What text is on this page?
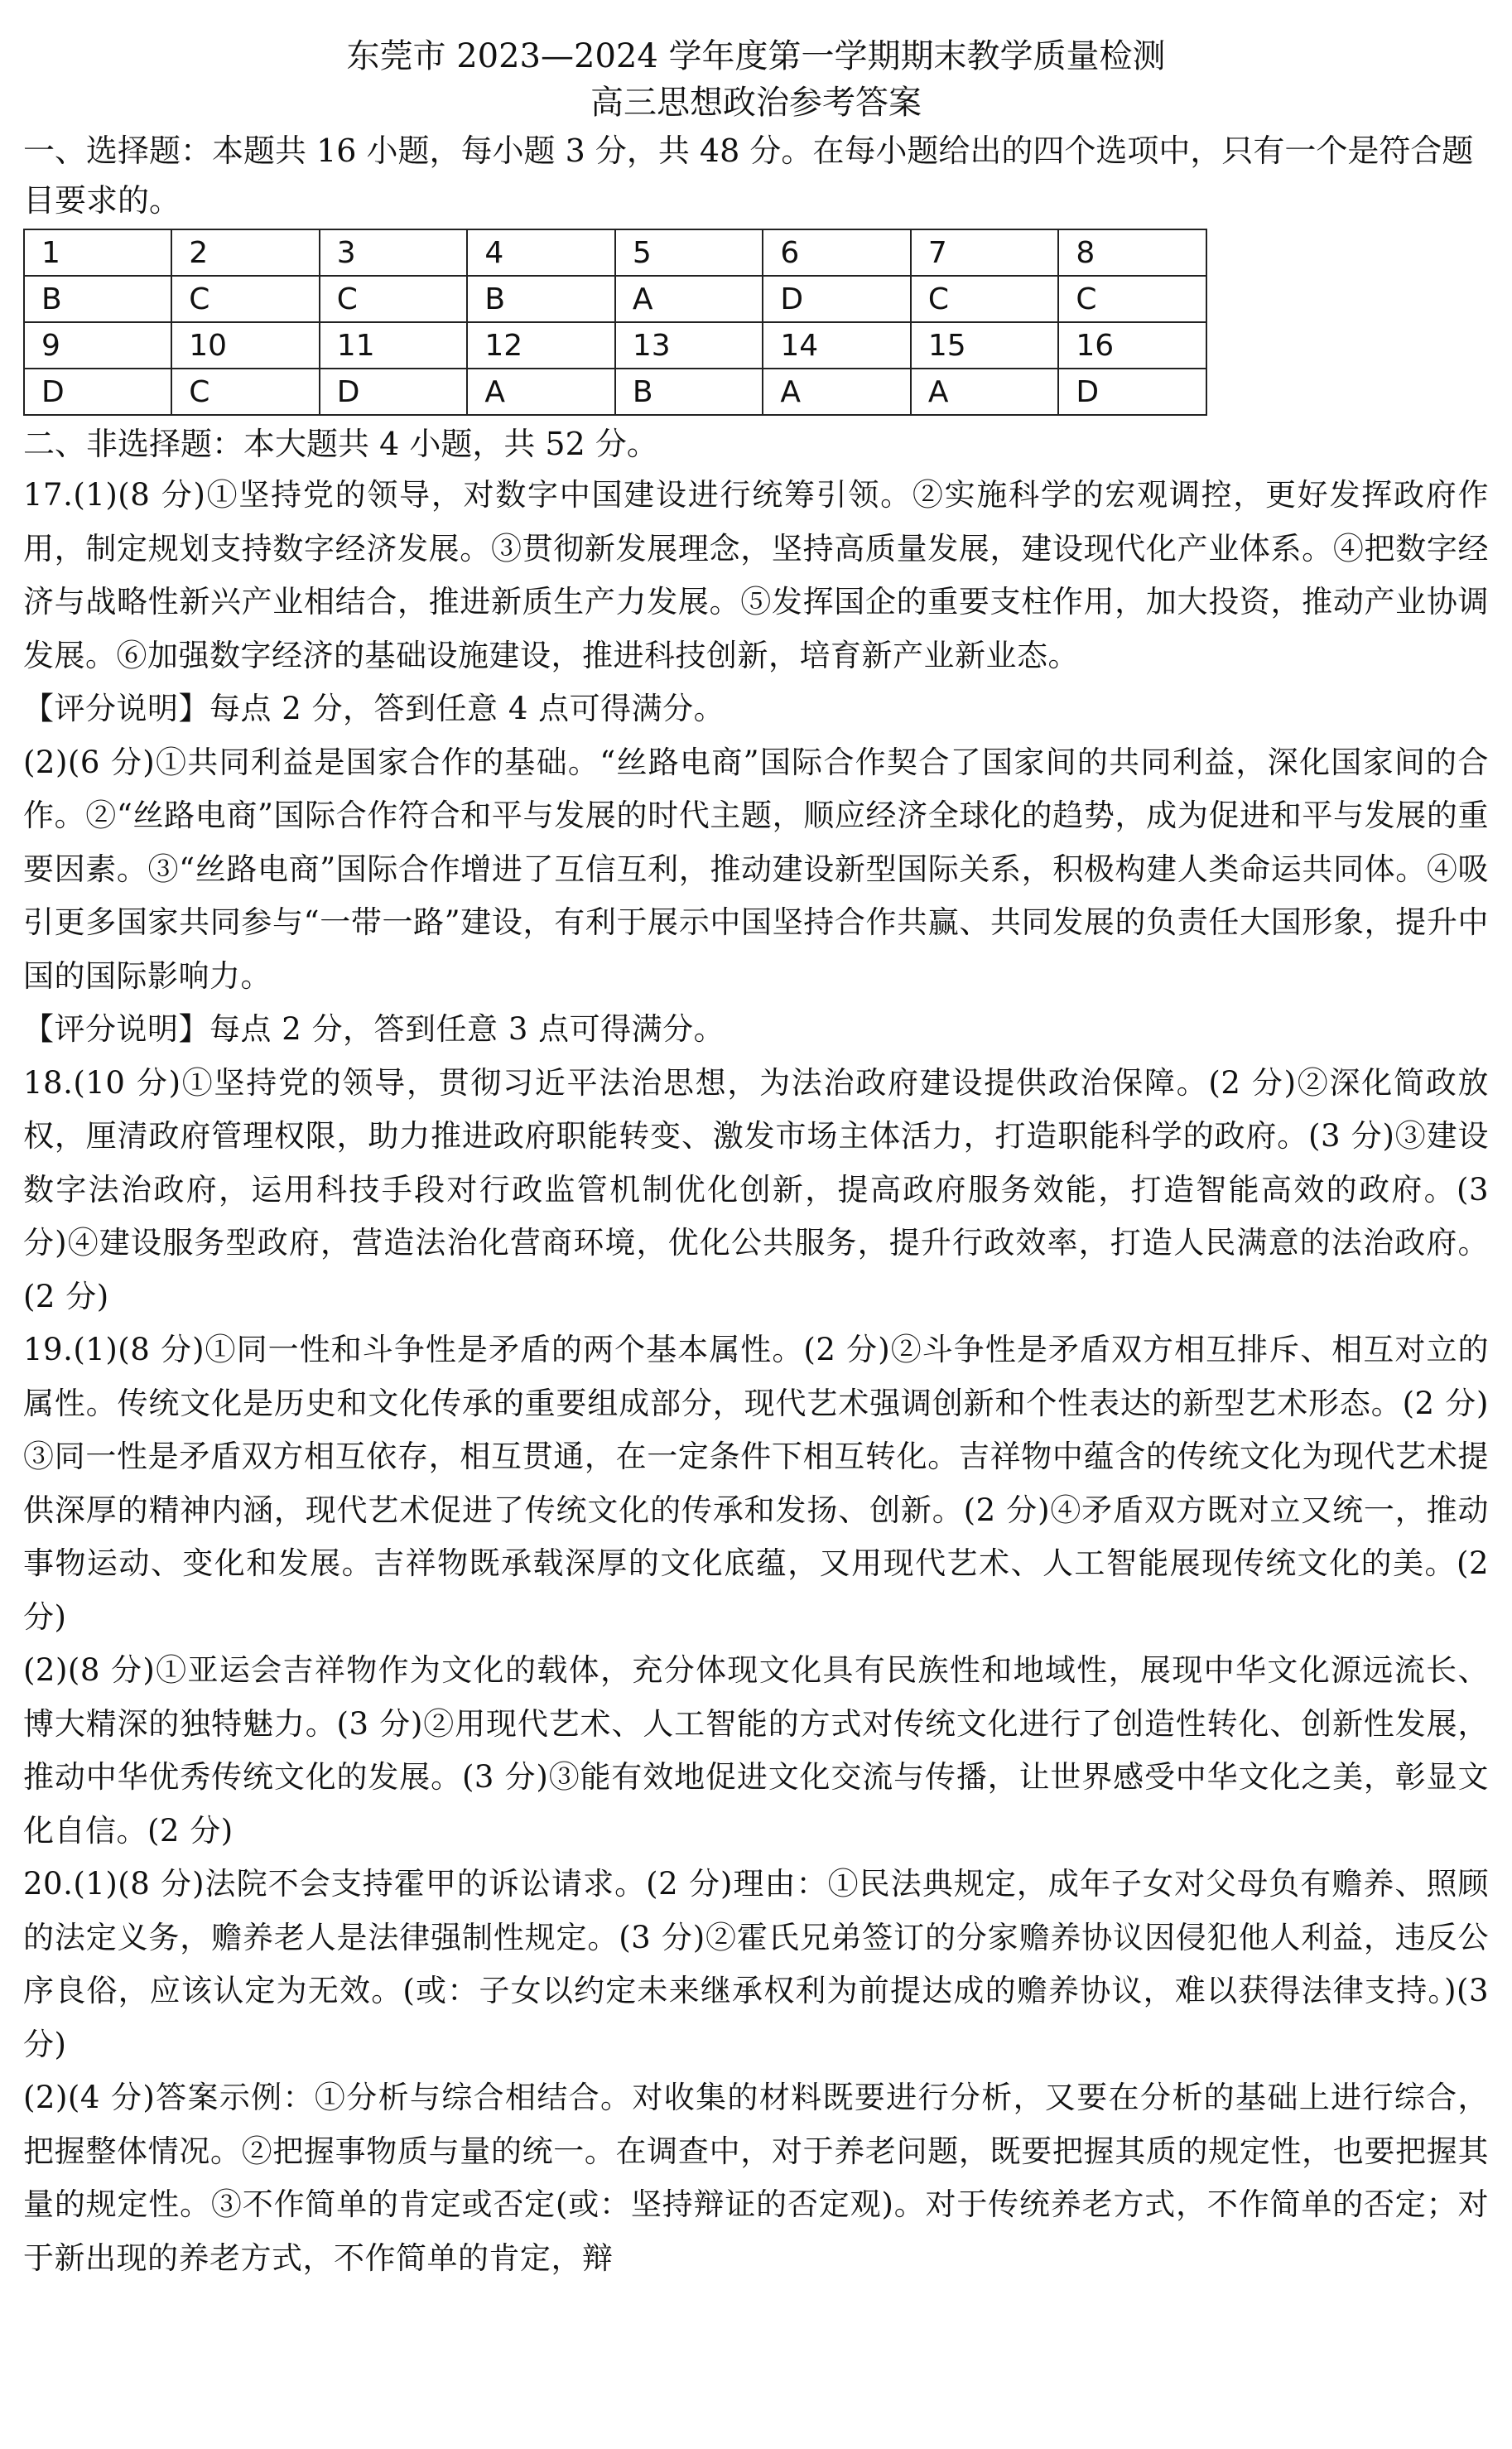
东莞市 2023—2024 学年度第一学期期末教学质量检测

高三思想政治参考答案

一、选择题：本题共 16 小题，每小题 3 分，共 48 分。在每小题给出的四个选项中，只有一个是符合题目要求的。

1	2	3	4	5	6	7	8
B	C	C	B	A	D	C	C
9	10	11	12	13	14	15	16
D	C	D	A	B	A	A	D

二、非选择题：本大题共 4 小题，共 52 分。

17.(1)(8 分)①坚持党的领导，对数字中国建设进行统筹引领。②实施科学的宏观调控，更好发挥政府作用，制定规划支持数字经济发展。③贯彻新发展理念，坚持高质量发展，建设现代化产业体系。④把数字经济与战略性新兴产业相结合，推进新质生产力发展。⑤发挥国企的重要支柱作用，加大投资，推动产业协调发展。⑥加强数字经济的基础设施建设，推进科技创新，培育新产业新业态。

【评分说明】每点 2 分，答到任意 4 点可得满分。

(2)(6 分)①共同利益是国家合作的基础。“丝路电商”国际合作契合了国家间的共同利益，深化国家间的合作。②“丝路电商”国际合作符合和平与发展的时代主题，顺应经济全球化的趋势，成为促进和平与发展的重要因素。③“丝路电商”国际合作增进了互信互利，推动建设新型国际关系，积极构建人类命运共同体。④吸引更多国家共同参与“一带一路”建设，有利于展示中国坚持合作共赢、共同发展的负责任大国形象，提升中国的国际影响力。

【评分说明】每点 2 分，答到任意 3 点可得满分。

18.(10 分)①坚持党的领导，贯彻习近平法治思想，为法治政府建设提供政治保障。(2 分)②深化简政放权，厘清政府管理权限，助力推进政府职能转变、激发市场主体活力，打造职能科学的政府。(3 分)③建设数字法治政府，运用科技手段对行政监管机制优化创新，提高政府服务效能，打造智能高效的政府。(3 分)④建设服务型政府，营造法治化营商环境，优化公共服务，提升行政效率，打造人民满意的法治政府。(2 分)

19.(1)(8 分)①同一性和斗争性是矛盾的两个基本属性。(2 分)②斗争性是矛盾双方相互排斥、相互对立的属性。传统文化是历史和文化传承的重要组成部分，现代艺术强调创新和个性表达的新型艺术形态。(2 分) ③同一性是矛盾双方相互依存，相互贯通，在一定条件下相互转化。吉祥物中蕴含的传统文化为现代艺术提供深厚的精神内涵，现代艺术促进了传统文化的传承和发扬、创新。(2 分)④矛盾双方既对立又统一，推动事物运动、变化和发展。吉祥物既承载深厚的文化底蕴，又用现代艺术、人工智能展现传统文化的美。(2 分)

(2)(8 分)①亚运会吉祥物作为文化的载体，充分体现文化具有民族性和地域性，展现中华文化源远流长、博大精深的独特魅力。(3 分)②用现代艺术、人工智能的方式对传统文化进行了创造性转化、创新性发展，推动中华优秀传统文化的发展。(3 分)③能有效地促进文化交流与传播，让世界感受中华文化之美，彰显文化自信。(2 分)

20.(1)(8 分)法院不会支持霍甲的诉讼请求。(2 分)理由：①民法典规定，成年子女对父母负有赡养、照顾的法定义务，赡养老人是法律强制性规定。(3 分)②霍氏兄弟签订的分家赡养协议因侵犯他人利益，违反公序良俗，应该认定为无效。(或：子女以约定未来继承权利为前提达成的赡养协议，难以获得法律支持。)(3 分)

(2)(4 分)答案示例：①分析与综合相结合。对收集的材料既要进行分析，又要在分析的基础上进行综合，把握整体情况。②把握事物质与量的统一。在调查中，对于养老问题，既要把握其质的规定性，也要把握其量的规定性。③不作简单的肯定或否定(或：坚持辩证的否定观)。对于传统养老方式，不作简单的否定；对于新出现的养老方式，不作简单的肯定，辩
